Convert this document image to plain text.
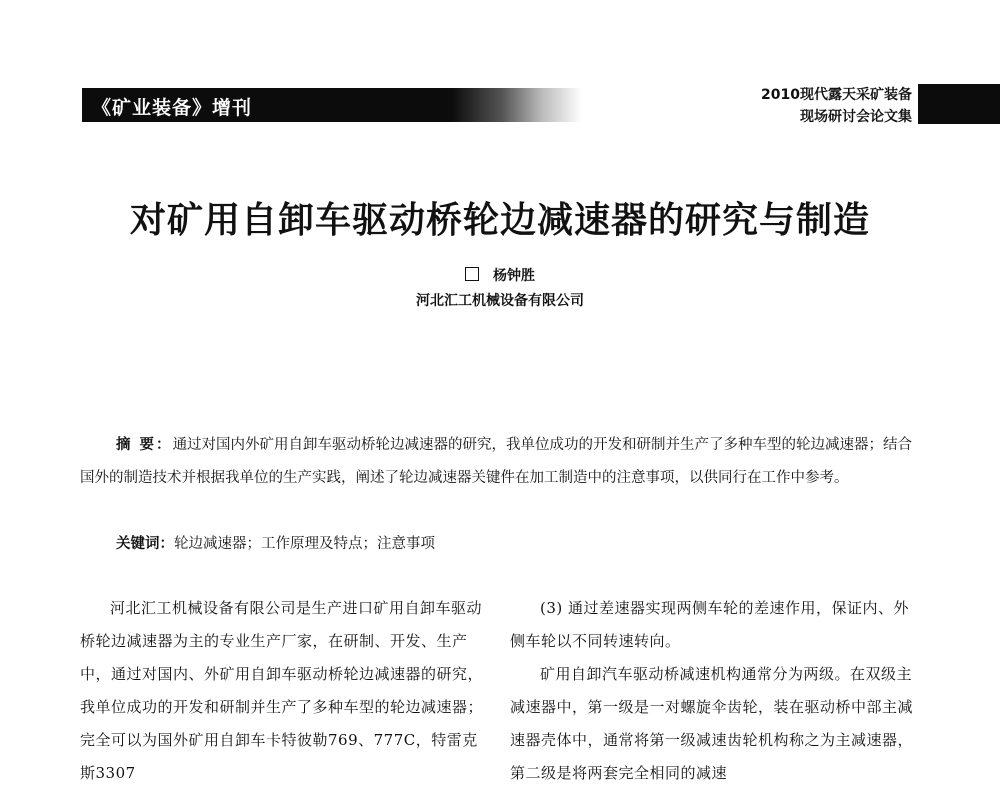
《矿业装备》增刊
2010现代露天采矿装备
现场研讨会论文集
对矿用自卸车驱动桥轮边减速器的研究与制造
杨钟胜
河北汇工机械设备有限公司
摘 要：通过对国内外矿用自卸车驱动桥轮边减速器的研究，我单位成功的开发和研制并生产了多种车型的轮边减速器；结合国外的制造技术并根据我单位的生产实践，阐述了轮边减速器关键件在加工制造中的注意事项，以供同行在工作中参考。
关键词：轮边减速器；工作原理及特点；注意事项

河北汇工机械设备有限公司是生产进口矿用自卸车驱动桥轮边减速器为主的专业生产厂家，在研制、开发、生产中，通过对国内、外矿用自卸车驱动桥轮边减速器的研究，我单位成功的开发和研制并生产了多种车型的轮边减速器；完全可以为国外矿用自卸车卡特彼勒769、777C，特雷克斯3307

(3) 通过差速器实现两侧车轮的差速作用，保证内、外侧车轮以不同转速转向。

矿用自卸汽车驱动桥减速机构通常分为两级。在双级主减速器中，第一级是一对螺旋伞齿轮，装在驱动桥中部主减速器壳体中，通常将第一级减速齿轮机构称之为主减速器，第二级是将两套完全相同的减速
